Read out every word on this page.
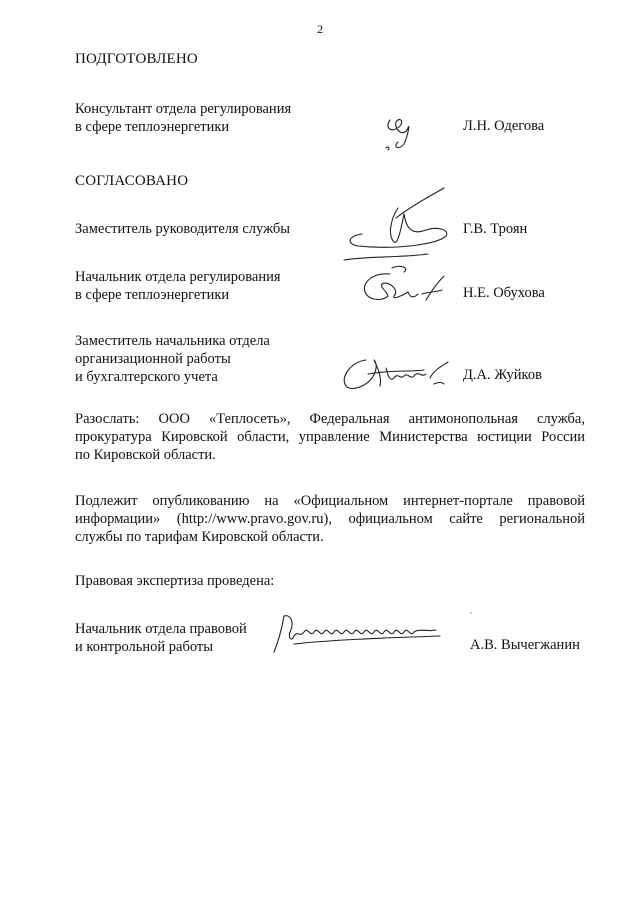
2
ПОДГОТОВЛЕНО
Консультант отдела регулирования
в сфере теплоэнергетики	Л.Н. Одегова
СОГЛАСОВАНО
Заместитель руководителя службы	Г.В. Троян
Начальник отдела регулирования
в сфере теплоэнергетики	Н.Е. Обухова
Заместитель начальника отдела
организационной работы
и бухгалтерского учета	Д.А. Жуйков
Разослать: ООО «Теплосеть», Федеральная антимонопольная служба,
прокуратура Кировской области, управление Министерства юстиции России
по Кировской области.
Подлежит опубликованию на «Официальном интернет-портале правовой
информации» (http://www.pravo.gov.ru), официальном сайте региональной
службы по тарифам Кировской области.
Правовая экспертиза проведена:
Начальник отдела правовой
и контрольной работы	А.В. Вычегжанин
